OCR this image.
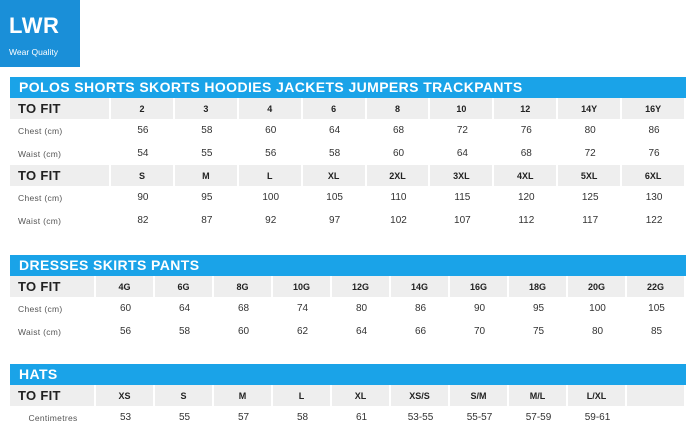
LWR
Wear Quality
POLOS SHORTS SKORTS HOODIES JACKETS JUMPERS TRACKPANTS
TO FIT	2	3	4	6	8	10	12	14Y	16Y
Chest (cm)	56	58	60	64	68	72	76	80	86
Waist (cm)	54	55	56	58	60	64	68	72	76
TO FIT	S	M	L	XL	2XL	3XL	4XL	5XL	6XL
Chest (cm)	90	95	100	105	110	115	120	125	130
Waist (cm)	82	87	92	97	102	107	112	117	122
DRESSES SKIRTS PANTS
TO FIT	4G	6G	8G	10G	12G	14G	16G	18G	20G	22G
Chest (cm)	60	64	68	74	80	86	90	95	100	105
Waist (cm)	56	58	60	62	64	66	70	75	80	85
HATS
TO FIT	XS	S	M	L	XL	XS/S	S/M	M/L	L/XL
Centimetres	53	55	57	58	61	53-55	55-57	57-59	59-61
